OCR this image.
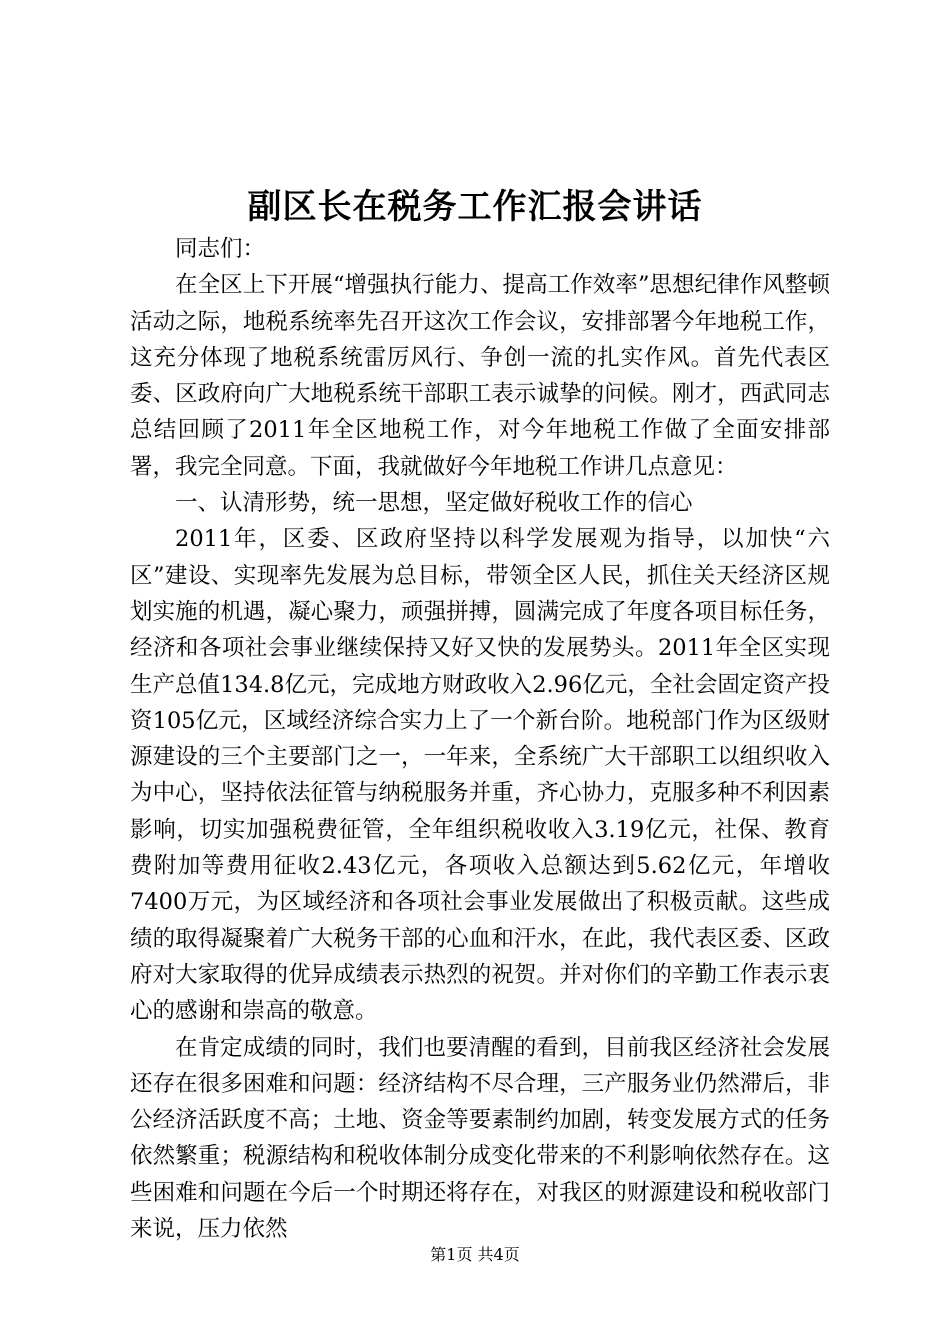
副区长在税务工作汇报会讲话

同志们：

在全区上下开展“增强执行能力、提高工作效率”思想纪律作风整顿活动之际，地税系统率先召开这次工作会议，安排部署今年地税工作，这充分体现了地税系统雷厉风行、争创一流的扎实作风。首先代表区委、区政府向广大地税系统干部职工表示诚挚的问候。刚才，西武同志总结回顾了2011年全区地税工作，对今年地税工作做了全面安排部署，我完全同意。下面，我就做好今年地税工作讲几点意见：

一、认清形势，统一思想，坚定做好税收工作的信心

2011年，区委、区政府坚持以科学发展观为指导，以加快“六区”建设、实现率先发展为总目标，带领全区人民，抓住关天经济区规划实施的机遇，凝心聚力，顽强拼搏，圆满完成了年度各项目标任务，经济和各项社会事业继续保持又好又快的发展势头。2011年全区实现生产总值134.8亿元，完成地方财政收入2.96亿元，全社会固定资产投资105亿元，区域经济综合实力上了一个新台阶。地税部门作为区级财源建设的三个主要部门之一，一年来，全系统广大干部职工以组织收入为中心，坚持依法征管与纳税服务并重，齐心协力，克服多种不利因素影响，切实加强税费征管，全年组织税收收入3.19亿元，社保、教育费附加等费用征收2.43亿元，各项收入总额达到5.62亿元，年增收7400万元，为区域经济和各项社会事业发展做出了积极贡献。这些成绩的取得凝聚着广大税务干部的心血和汗水，在此，我代表区委、区政府对大家取得的优异成绩表示热烈的祝贺。并对你们的辛勤工作表示衷心的感谢和崇高的敬意。

在肯定成绩的同时，我们也要清醒的看到，目前我区经济社会发展还存在很多困难和问题：经济结构不尽合理，三产服务业仍然滞后，非公经济活跃度不高；土地、资金等要素制约加剧，转变发展方式的任务依然繁重；税源结构和税收体制分成变化带来的不利影响依然存在。这些困难和问题在今后一个时期还将存在，对我区的财源建设和税收部门来说，压力依然

第1页 共4页
